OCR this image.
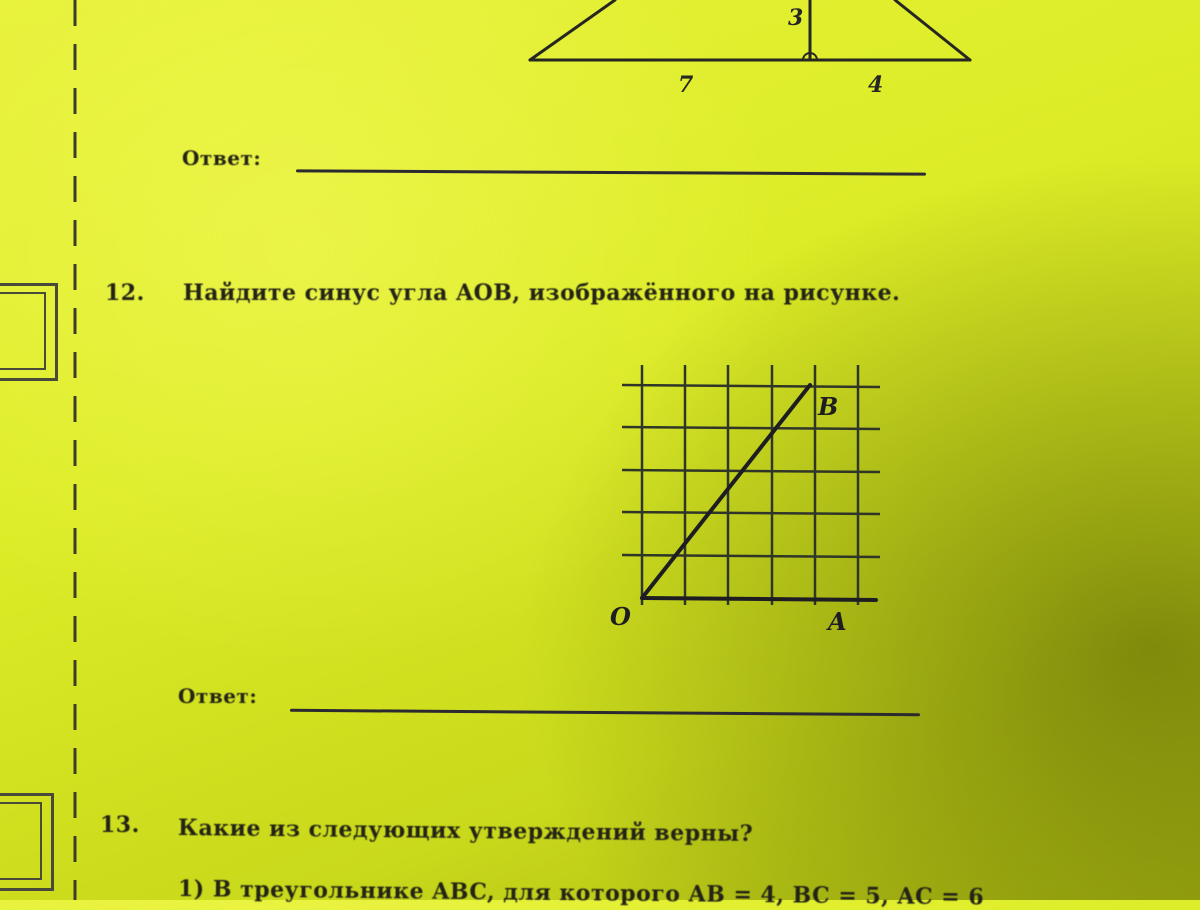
3
7	4
Ответ:
12. Найдите синус угла AOB, изображённого на рисунке.
O	A
B
Ответ:
13. Какие из следующих утверждений верны?
1) В треугольнике ABC, для которого AB = 4, BC = 5, AC = 6
